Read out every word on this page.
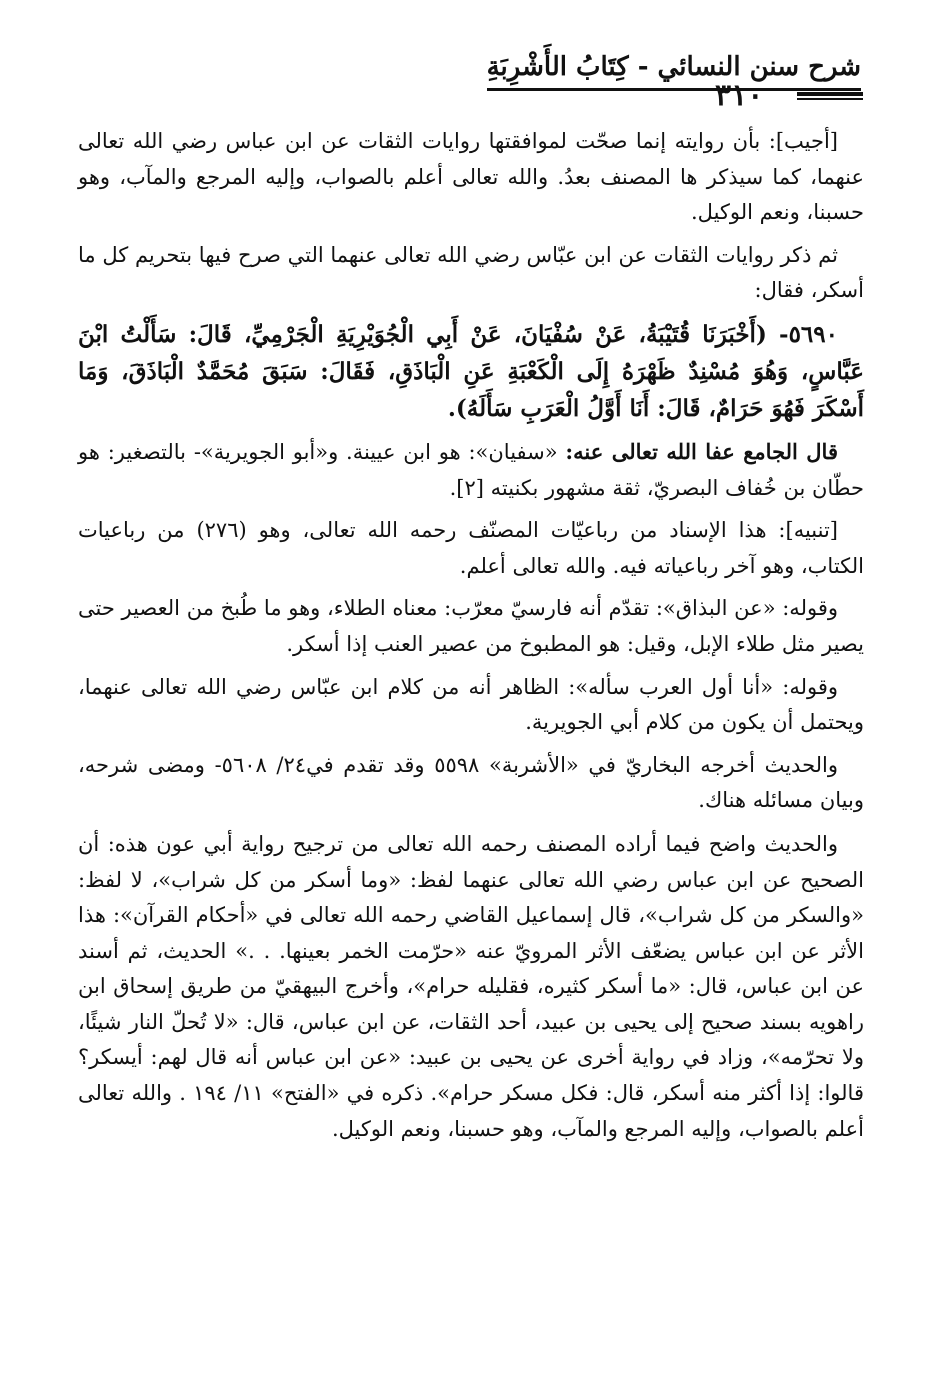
شرح سنن النسائي - كِتَابُ الأَشْرِبَةِ
٣١٠

[أجيب]: بأن روايته إنما صحّت لموافقتها روايات الثقات عن ابن عباس رضي الله تعالى عنهما، كما سيذكر ها المصنف بعدُ. والله تعالى أعلم بالصواب، وإليه المرجع والمآب، وهو حسبنا، ونعم الوكيل.

ثم ذكر روايات الثقات عن ابن عبّاس رضي الله تعالى عنهما التي صرح فيها بتحريم كل ما أسكر، فقال:

٥٦٩٠- (أَخْبَرَنَا قُتَيْبَةُ، عَنْ سُفْيَانَ، عَنْ أَبِي الْجُوَيْرِيَةِ الْجَرْمِيِّ، قَالَ: سَأَلْتُ ابْنَ عَبَّاسٍ، وَهُوَ مُسْنِدٌ ظَهْرَهُ إِلَى الْكَعْبَةِ عَنِ الْبَاذَقِ، فَقَالَ: سَبَقَ مُحَمَّدٌ الْبَاذَقَ، وَمَا أَسْكَرَ فَهُوَ حَرَامٌ، قَالَ: أَنَا أَوَّلُ الْعَرَبِ سَأَلَهُ).

قال الجامع عفا الله تعالى عنه: «سفيان»: هو ابن عيينة. و«أبو الجويرية»- بالتصغير: هو حطّان بن خُفاف البصريّ، ثقة مشهور بكنيته [٢].

[تنبيه]: هذا الإسناد من رباعيّات المصنّف رحمه الله تعالى، وهو (٢٧٦) من رباعيات الكتاب، وهو آخر رباعياته فيه. والله تعالى أعلم.

وقوله: «عن البذاق»: تقدّم أنه فارسيّ معرّب: معناه الطلاء، وهو ما طُبخ من العصير حتى يصير مثل طلاء الإبل، وقيل: هو المطبوخ من عصير العنب إذا أسكر.

وقوله: «أنا أول العرب سأله»: الظاهر أنه من كلام ابن عبّاس رضي الله تعالى عنهما، ويحتمل أن يكون من كلام أبي الجويرية.

والحديث أخرجه البخاريّ في «الأشربة» ٥٥٩٨ وقد تقدم في٢٤/ ٥٦٠٨- ومضى شرحه، وبيان مسائله هناك.

والحديث واضح فيما أراده المصنف رحمه الله تعالى من ترجيح رواية أبي عون هذه: أن الصحيح عن ابن عباس رضي الله تعالى عنهما لفظ: «وما أسكر من كل شراب»، لا لفظ: «والسكر من كل شراب»، قال إسماعيل القاضي رحمه الله تعالى في «أحكام القرآن»: هذا الأثر عن ابن عباس يضعّف الأثر المرويّ عنه «حرّمت الخمر بعينها. . .» الحديث، ثم أسند عن ابن عباس، قال: «ما أسكر كثيره، فقليله حرام»، وأخرج البيهقيّ من طريق إسحاق ابن راهويه بسند صحيح إلى يحيى بن عبيد، أحد الثقات، عن ابن عباس، قال: «لا تُحلّ النار شيئًا، ولا تحرّمه»، وزاد في رواية أخرى عن يحيى بن عبيد: «عن ابن عباس أنه قال لهم: أيسكر؟ قالوا: إذا أكثر منه أسكر، قال: فكل مسكر حرام». ذكره في «الفتح» ١١/ ١٩٤ . والله تعالى أعلم بالصواب، وإليه المرجع والمآب، وهو حسبنا، ونعم الوكيل.
